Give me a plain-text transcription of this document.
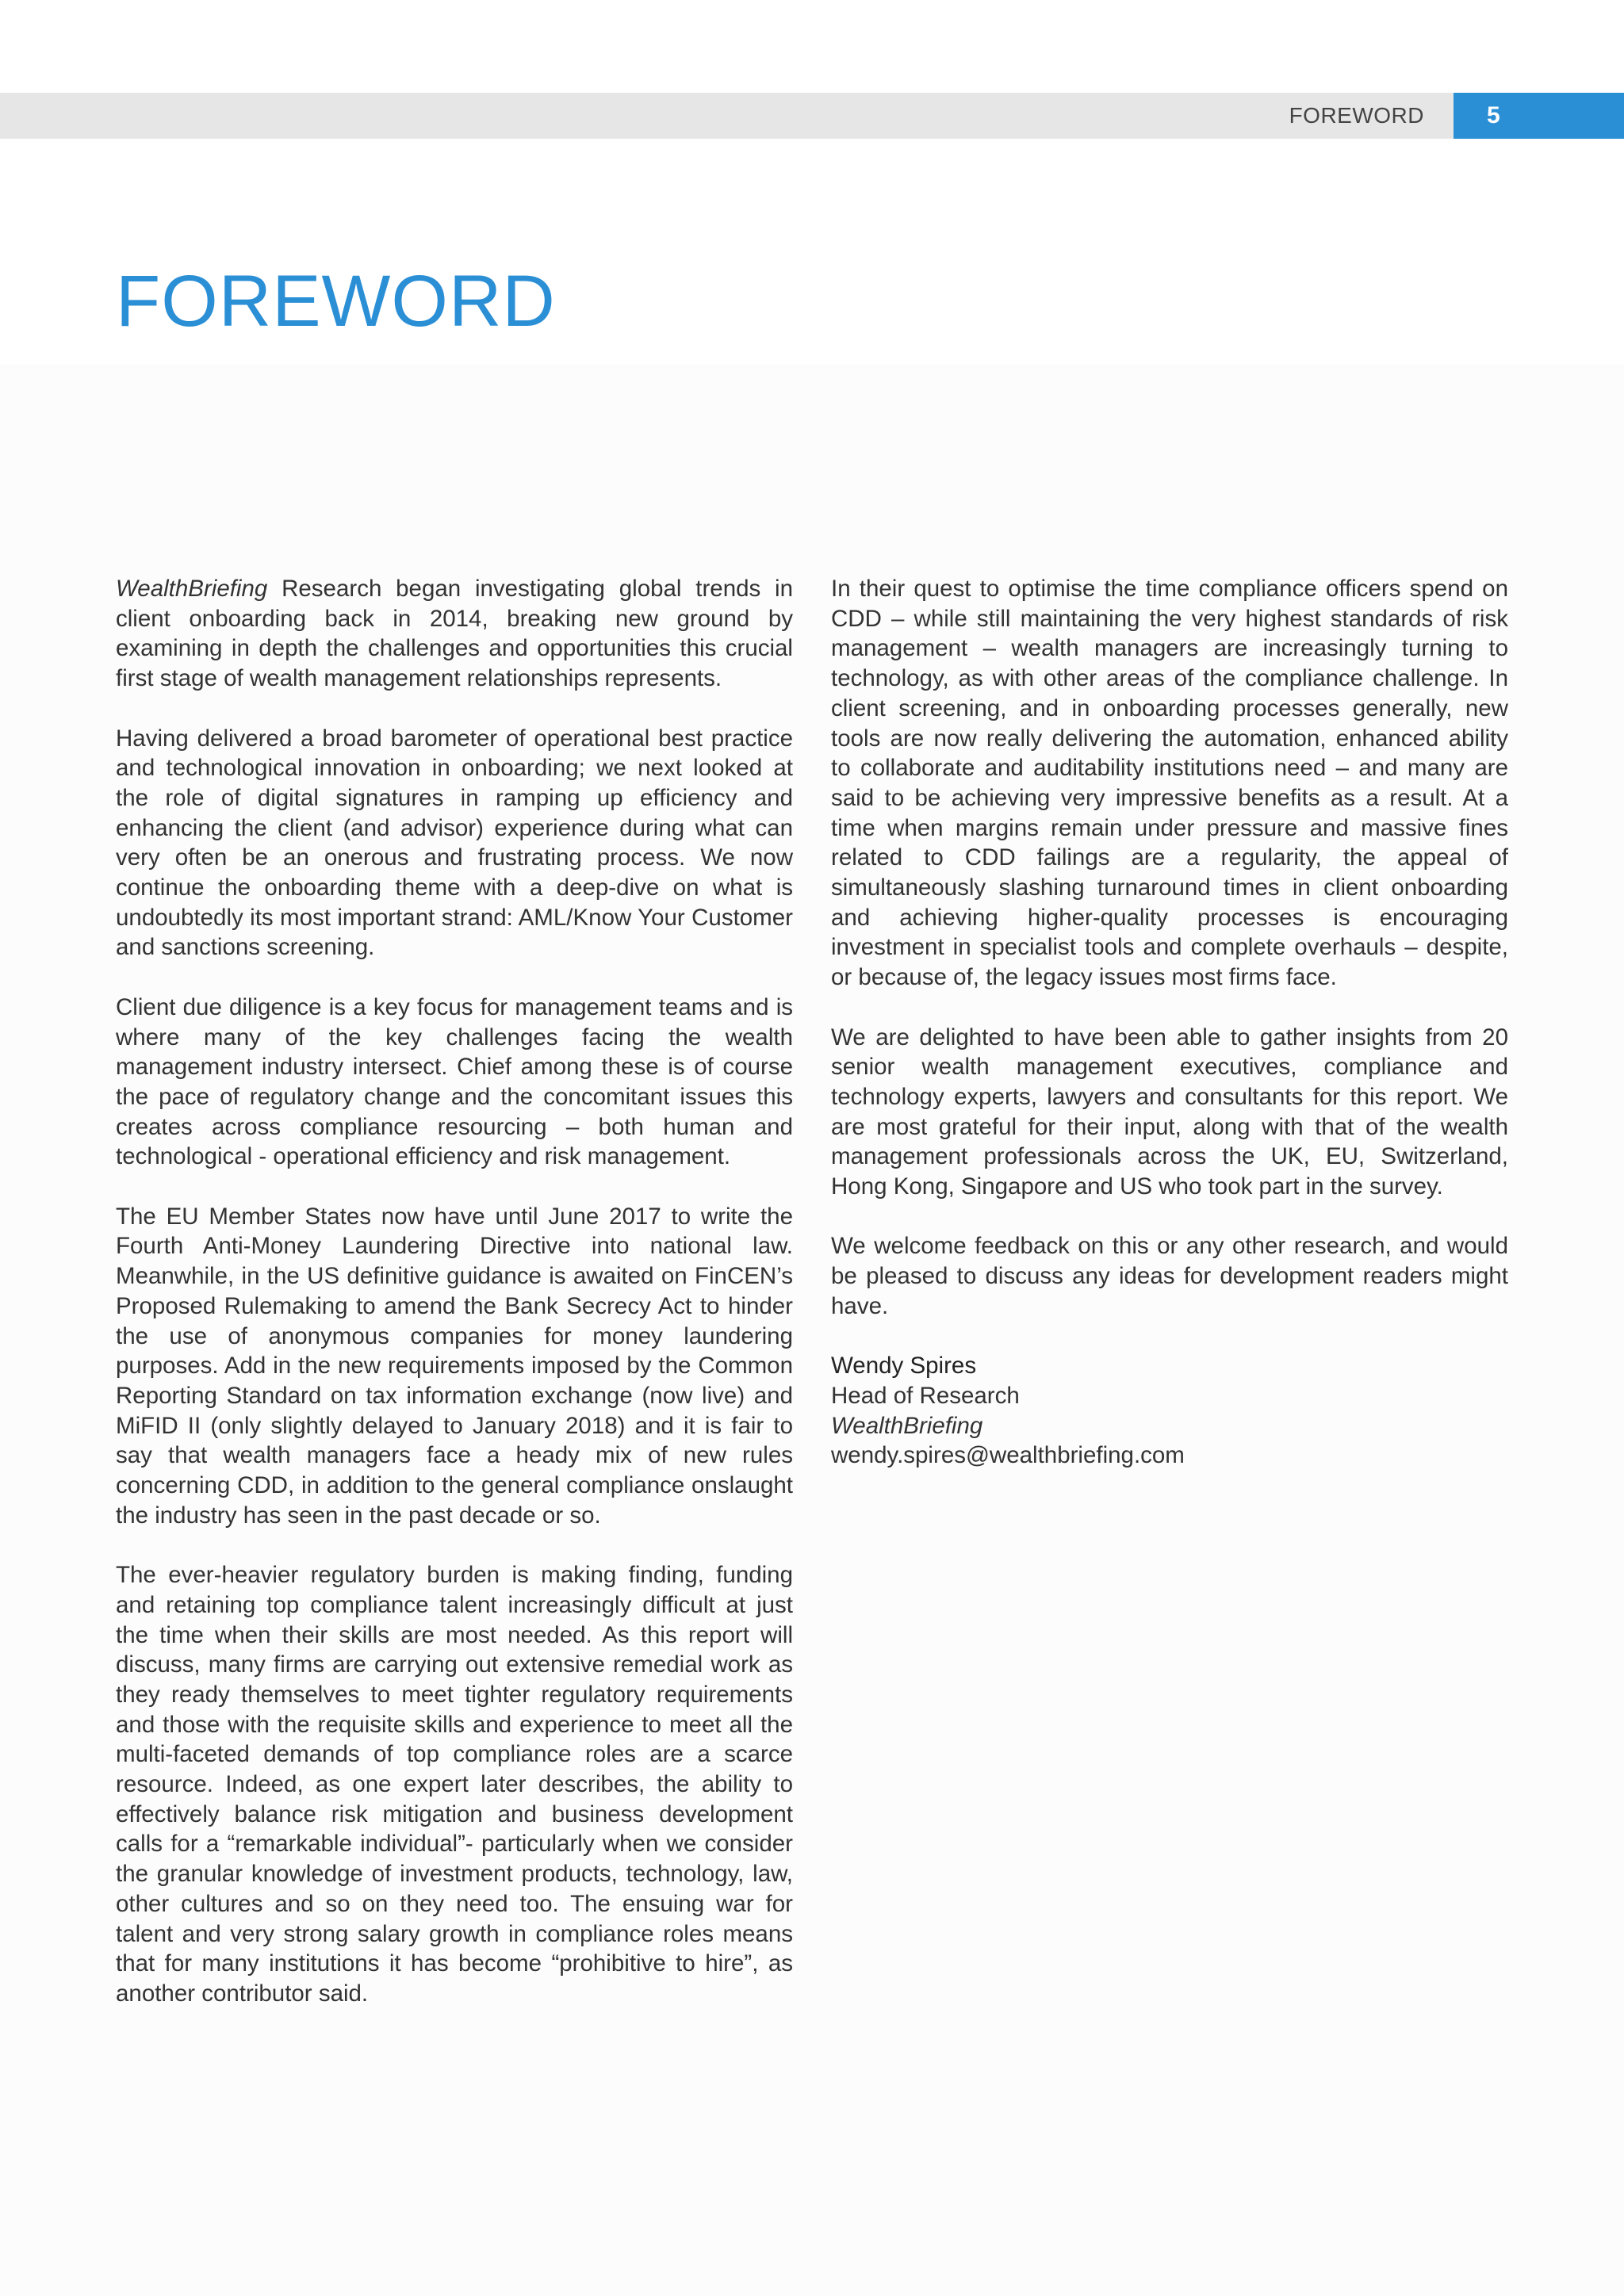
FOREWORD	5
FOREWORD

WealthBriefing Research began investigating global trends in client onboarding back in 2014, breaking new ground by examining in depth the challenges and opportunities this crucial first stage of wealth management relationships represents.

Having delivered a broad barometer of operational best practice and technological innovation in onboarding; we next looked at the role of digital signatures in ramping up efficiency and enhancing the client (and advisor) experience during what can very often be an onerous and frustrating process. We now continue the onboarding theme with a deep-dive on what is undoubtedly its most important strand: AML/Know Your Customer and sanctions screening.

Client due diligence is a key focus for management teams and is where many of the key challenges facing the wealth management industry intersect. Chief among these is of course the pace of regulatory change and the concomitant issues this creates across compliance resourcing – both human and technological - operational efficiency and risk management.

The EU Member States now have until June 2017 to write the Fourth Anti-Money Laundering Directive into national law. Meanwhile, in the US definitive guidance is awaited on FinCEN’s Proposed Rulemaking to amend the Bank Secrecy Act to hinder the use of anonymous companies for money laundering purposes. Add in the new requirements imposed by the Common Reporting Standard on tax information exchange (now live) and MiFID II (only slightly delayed to January 2018) and it is fair to say that wealth managers face a heady mix of new rules concerning CDD, in addition to the general compliance onslaught the industry has seen in the past decade or so.

The ever-heavier regulatory burden is making finding, funding and retaining top compliance talent increasingly difficult at just the time when their skills are most needed. As this report will discuss, many firms are carrying out extensive remedial work as they ready themselves to meet tighter regulatory requirements and those with the requisite skills and experience to meet all the multi-faceted demands of top compliance roles are a scarce resource. Indeed, as one expert later describes, the ability to effectively balance risk mitigation and business development calls for a “remarkable individual”- particularly when we consider the granular knowledge of investment products, technology, law, other cultures and so on they need too. The ensuing war for talent and very strong salary growth in compliance roles means that for many institutions it has become “prohibitive to hire”, as another contributor said.

In their quest to optimise the time compliance officers spend on CDD – while still maintaining the very highest standards of risk management – wealth managers are increasingly turning to technology, as with other areas of the compliance challenge. In client screening, and in onboarding processes generally, new tools are now really delivering the automation, enhanced ability to collaborate and auditability institutions need – and many are said to be achieving very impressive benefits as a result. At a time when margins remain under pressure and massive fines related to CDD failings are a regularity, the appeal of simultaneously slashing turnaround times in client onboarding and achieving higher-quality processes is encouraging investment in specialist tools and complete overhauls – despite, or because of, the legacy issues most firms face.

We are delighted to have been able to gather insights from 20 senior wealth management executives, compliance and technology experts, lawyers and consultants for this report. We are most grateful for their input, along with that of the wealth management professionals across the UK, EU, Switzerland, Hong Kong, Singapore and US who took part in the survey.

We welcome feedback on this or any other research, and would be pleased to discuss any ideas for development readers might have.

Wendy Spires
Head of Research
WealthBriefing
wendy.spires@wealthbriefing.com
